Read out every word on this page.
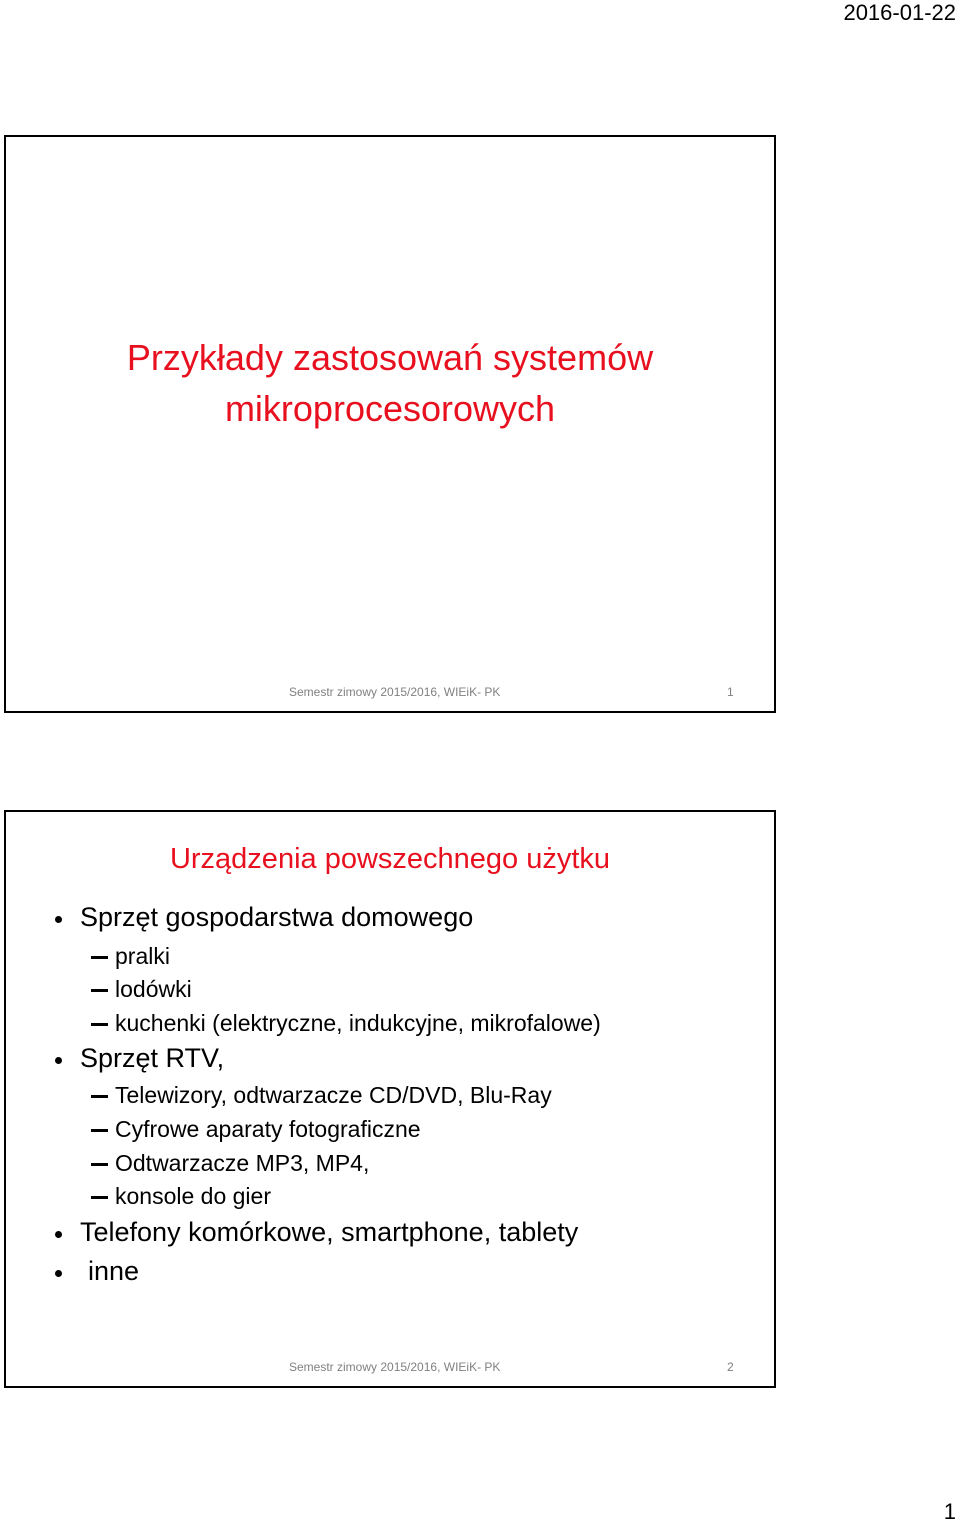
2016-01-22
Przykłady zastosowań systemów
mikroprocesorowych
Semestr zimowy 2015/2016, WIEiK- PK	1
Urządzenia powszechnego użytku
Sprzęt gospodarstwa domowego
pralki
lodówki
kuchenki (elektryczne, indukcyjne, mikrofalowe)
Sprzęt RTV,
Telewizory, odtwarzacze CD/DVD, Blu-Ray
Cyfrowe aparaty fotograficzne
Odtwarzacze MP3, MP4,
konsole do gier
Telefony komórkowe, smartphone, tablety
inne
Semestr zimowy 2015/2016, WIEiK- PK	2
1
